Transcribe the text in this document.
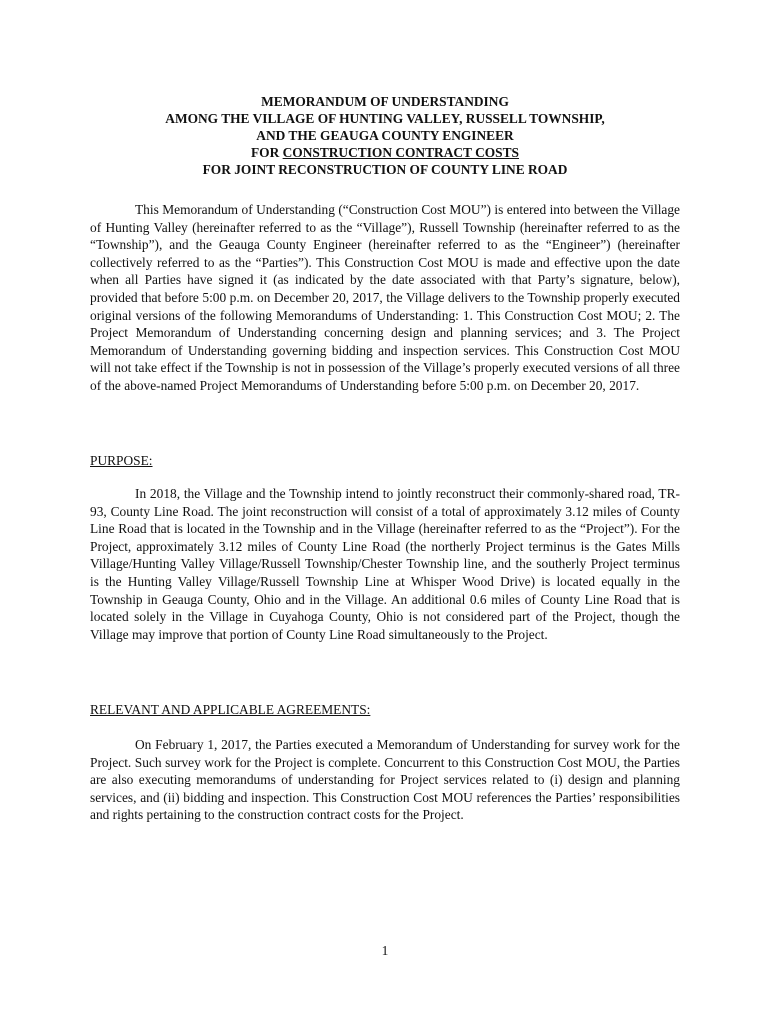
MEMORANDUM OF UNDERSTANDING
AMONG THE VILLAGE OF HUNTING VALLEY, RUSSELL TOWNSHIP,
AND THE GEAUGA COUNTY ENGINEER
FOR CONSTRUCTION CONTRACT COSTS
FOR JOINT RECONSTRUCTION OF COUNTY LINE ROAD

This Memorandum of Understanding (“Construction Cost MOU”) is entered into between the Village of Hunting Valley (hereinafter referred to as the “Village”), Russell Township (hereinafter referred to as the “Township”), and the Geauga County Engineer (hereinafter referred to as the “Engineer”) (hereinafter collectively referred to as the “Parties”). This Construction Cost MOU is made and effective upon the date when all Parties have signed it (as indicated by the date associated with that Party’s signature, below), provided that before 5:00 p.m. on December 20, 2017, the Village delivers to the Township properly executed original versions of the following Memorandums of Understanding: 1. This Construction Cost MOU; 2. The Project Memorandum of Understanding concerning design and planning services; and 3. The Project Memorandum of Understanding governing bidding and inspection services. This Construction Cost MOU will not take effect if the Township is not in possession of the Village’s properly executed versions of all three of the above-named Project Memorandums of Understanding before 5:00 p.m. on December 20, 2017.

PURPOSE:

In 2018, the Village and the Township intend to jointly reconstruct their commonly-shared road, TR-93, County Line Road. The joint reconstruction will consist of a total of approximately 3.12 miles of County Line Road that is located in the Township and in the Village (hereinafter referred to as the “Project”). For the Project, approximately 3.12 miles of County Line Road (the northerly Project terminus is the Gates Mills Village/Hunting Valley Village/Russell Township/Chester Township line, and the southerly Project terminus is the Hunting Valley Village/Russell Township Line at Whisper Wood Drive) is located equally in the Township in Geauga County, Ohio and in the Village. An additional 0.6 miles of County Line Road that is located solely in the Village in Cuyahoga County, Ohio is not considered part of the Project, though the Village may improve that portion of County Line Road simultaneously to the Project.

RELEVANT AND APPLICABLE AGREEMENTS:

On February 1, 2017, the Parties executed a Memorandum of Understanding for survey work for the Project. Such survey work for the Project is complete. Concurrent to this Construction Cost MOU, the Parties are also executing memorandums of understanding for Project services related to (i) design and planning services, and (ii) bidding and inspection. This Construction Cost MOU references the Parties’ responsibilities and rights pertaining to the construction contract costs for the Project.

1
